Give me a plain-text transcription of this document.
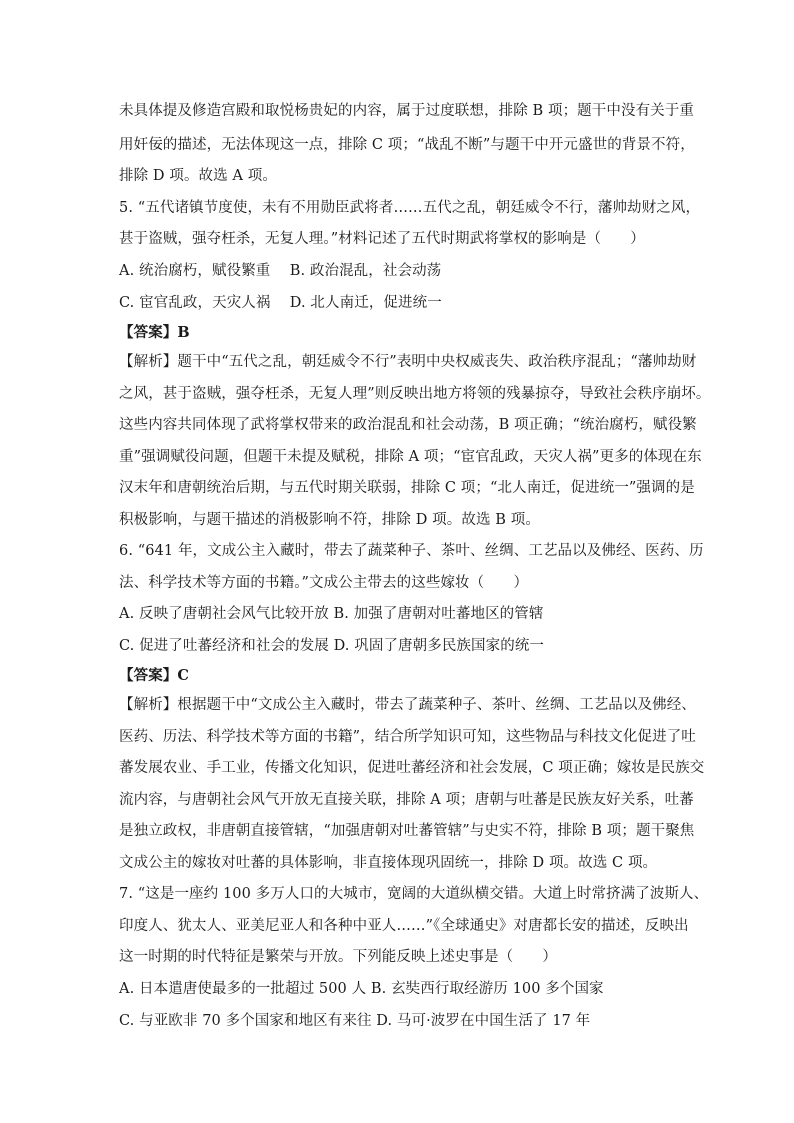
未具体提及修造宫殿和取悦杨贵妃的内容，属于过度联想，排除 B 项；题干中没有关于重
用奸佞的描述，无法体现这一点，排除 C 项；“战乱不断”与题干中开元盛世的背景不符，
排除 D 项。故选 A 项。
5. “五代诸镇节度使，未有不用勋臣武将者……五代之乱，朝廷威令不行，藩帅劫财之风，
甚于盗贼，强夺枉杀，无复人理。”材料记述了五代时期武将掌权的影响是（　　）
A. 统治腐朽，赋役繁重　 B. 政治混乱，社会动荡
C. 宦官乱政，天灾人祸　 D. 北人南迁，促进统一
【答案】B
【解析】题干中“五代之乱，朝廷威令不行”表明中央权威丧失、政治秩序混乱；“藩帅劫财
之风，甚于盗贼，强夺枉杀，无复人理”则反映出地方将领的残暴掠夺，导致社会秩序崩坏。
这些内容共同体现了武将掌权带来的政治混乱和社会动荡，B 项正确；“统治腐朽，赋役繁
重”强调赋役问题，但题干未提及赋税，排除 A 项；“宦官乱政，天灾人祸”更多的体现在东
汉末年和唐朝统治后期，与五代时期关联弱，排除 C 项；“北人南迁，促进统一”强调的是
积极影响，与题干描述的消极影响不符，排除 D 项。故选 B 项。
6. “641 年，文成公主入藏时，带去了蔬菜种子、茶叶、丝绸、工艺品以及佛经、医药、历
法、科学技术等方面的书籍。”文成公主带去的这些嫁妆（　　）
A. 反映了唐朝社会风气比较开放 B. 加强了唐朝对吐蕃地区的管辖
C. 促进了吐蕃经济和社会的发展 D. 巩固了唐朝多民族国家的统一
【答案】C
【解析】根据题干中“文成公主入藏时，带去了蔬菜种子、茶叶、丝绸、工艺品以及佛经、
医药、历法、科学技术等方面的书籍”，结合所学知识可知，这些物品与科技文化促进了吐
蕃发展农业、手工业，传播文化知识，促进吐蕃经济和社会发展，C 项正确；嫁妆是民族交
流内容，与唐朝社会风气开放无直接关联，排除 A 项；唐朝与吐蕃是民族友好关系，吐蕃
是独立政权，非唐朝直接管辖，“加强唐朝对吐蕃管辖”与史实不符，排除 B 项；题干聚焦
文成公主的嫁妆对吐蕃的具体影响，非直接体现巩固统一，排除 D 项。故选 C 项。
7. “这是一座约 100 多万人口的大城市，宽阔的大道纵横交错。大道上时常挤满了波斯人、
印度人、犹太人、亚美尼亚人和各种中亚人……”《全球通史》对唐都长安的描述，反映出
这一时期的时代特征是繁荣与开放。下列能反映上述史事是（　　）
A. 日本遣唐使最多的一批超过 500 人 B. 玄奘西行取经游历 100 多个国家
C. 与亚欧非 70 多个国家和地区有来往 D. 马可·波罗在中国生活了 17 年
